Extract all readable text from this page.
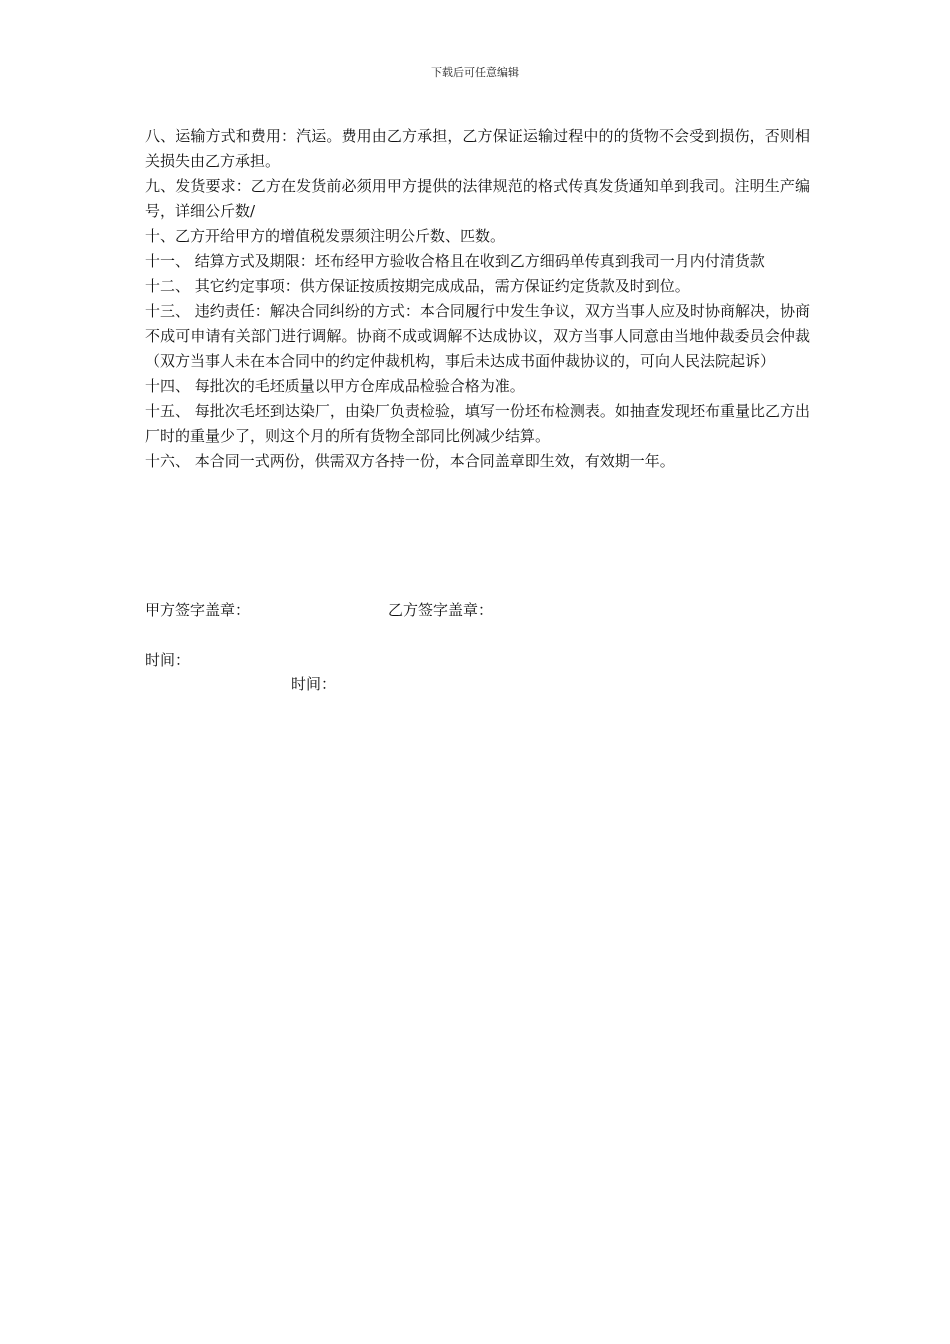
下载后可任意编辑

八、运输方式和费用：汽运。费用由乙方承担，乙方保证运输过程中的的货物不会受到损伤，否则相关损失由乙方承担。

九、发货要求：乙方在发货前必须用甲方提供的法律规范的格式传真发货通知单到我司。注明生产编号，详细公斤数/

十、乙方开给甲方的增值税发票须注明公斤数、匹数。

十一、 结算方式及期限：坯布经甲方验收合格且在收到乙方细码单传真到我司一月内付清货款

十二、 其它约定事项：供方保证按质按期完成成品，需方保证约定货款及时到位。

十三、 违约责任：解决合同纠纷的方式：本合同履行中发生争议，双方当事人应及时协商解决，协商不成可申请有关部门进行调解。协商不成或调解不达成协议，双方当事人同意由当地仲裁委员会仲裁（双方当事人未在本合同中的约定仲裁机构，事后未达成书面仲裁协议的，可向人民法院起诉）

十四、 每批次的毛坯质量以甲方仓库成品检验合格为准。

十五、 每批次毛坯到达染厂，由染厂负责检验，填写一份坯布检测表。如抽查发现坯布重量比乙方出厂时的重量少了，则这个月的所有货物全部同比例减少结算。

十六、 本合同一式两份，供需双方各持一份，本合同盖章即生效，有效期一年。

甲方签字盖章：	乙方签字盖章：
时间：
时间：
